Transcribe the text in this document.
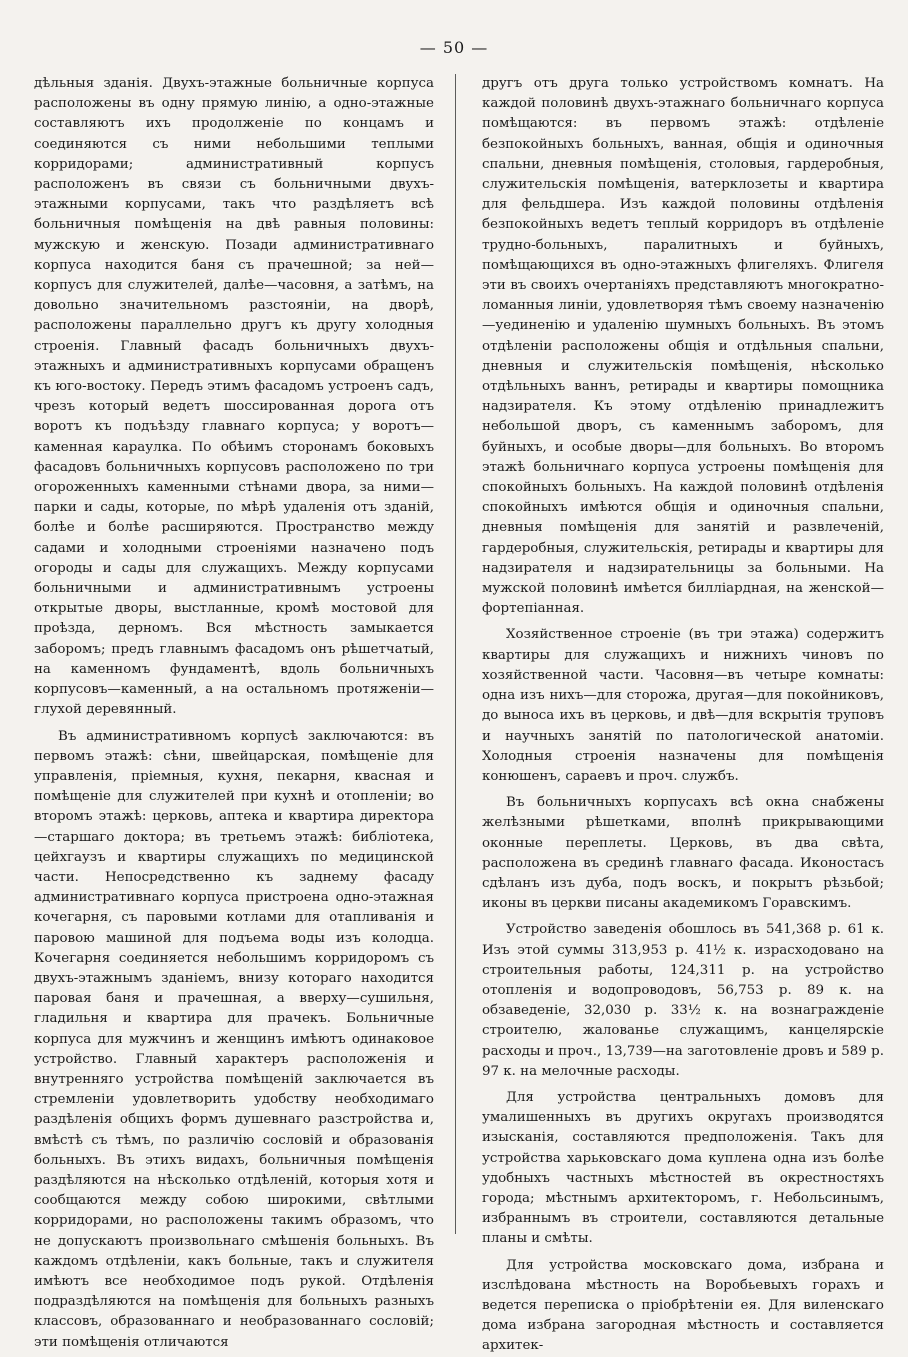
— 50 —

дѣльныя зданія. Двухъ-этажные больничные корпуса расположены въ одну прямую линію, а одно-этажные составляютъ ихъ продолженіе по концамъ и соединяются съ ними небольшими теплыми корридорами; административный корпусъ расположенъ въ связи съ больничными двухъ-этажными корпусами, такъ что раздѣляетъ всѣ больничныя помѣщенія на двѣ равныя половины: мужскую и женскую. Позади административнаго корпуса находится баня съ прачешной; за ней—корпусъ для служителей, далѣе—часовня, а затѣмъ, на довольно значительномъ разстояніи, на дворѣ, расположены параллельно другъ къ другу холодныя строенія. Главный фасадъ больничныхъ двухъ-этажныхъ и административныхъ корпусами обращенъ къ юго-востоку. Передъ этимъ фасадомъ устроенъ садъ, чрезъ который ведетъ шоссированная дорога отъ воротъ къ подъѣзду главнаго корпуса; у воротъ—каменная караулка. По обѣимъ сторонамъ боковыхъ фасадовъ больничныхъ корпусовъ расположено по три огороженныхъ каменными стѣнами двора, за ними—парки и сады, которые, по мѣрѣ удаленія отъ зданій, болѣе и болѣе расширяются. Пространство между садами и холодными строеніями назначено подъ огороды и сады для служащихъ. Между корпусами больничными и административнымъ устроены открытые дворы, выстланные, кромѣ мостовой для проѣзда, дерномъ. Вся мѣстность замыкается заборомъ; предъ главнымъ фасадомъ онъ рѣшетчатый, на каменномъ фундаментѣ, вдоль больничныхъ корпусовъ—каменный, а на остальномъ протяженіи—глухой деревянный.

Въ административномъ корпусѣ заключаются: въ первомъ этажѣ: сѣни, швейцарская, помѣщеніе для управленія, пріемныя, кухня, пекарня, квасная и помѣщеніе для служителей при кухнѣ и отопленіи; во второмъ этажѣ: церковь, аптека и квартира директора—старшаго доктора; въ третьемъ этажѣ: библіотека, цейхгаузъ и квартиры служащихъ по медицинской части. Непосредственно къ заднему фасаду административнаго корпуса пристроена одно-этажная кочегарня, съ паровыми котлами для отапливанія и паровою машиной для подъема воды изъ колодца. Кочегарня соединяется небольшимъ корридоромъ съ двухъ-этажнымъ зданіемъ, внизу котораго находится паровая баня и прачешная, а вверху—сушильня, гладильня и квартира для прачекъ. Больничные корпуса для мужчинъ и женщинъ имѣютъ одинаковое устройство. Главный характеръ расположенія и внутренняго устройства помѣщеній заключается въ стремленіи удовлетворить удобству необходимаго раздѣленія общихъ формъ душевнаго разстройства и, вмѣстѣ съ тѣмъ, по различію сословій и образованія больныхъ. Въ этихъ видахъ, больничныя помѣщенія раздѣляются на нѣсколько отдѣленій, которыя хотя и сообщаются между собою широкими, свѣтлыми корридорами, но расположены такимъ образомъ, что не допускаютъ произвольнаго смѣшенія больныхъ. Въ каждомъ отдѣленіи, какъ больные, такъ и служителя имѣютъ все необходимое подъ рукой. Отдѣленія подраздѣляются на помѣщенія для больныхъ разныхъ классовъ, образованнаго и необразованнаго сословій; эти помѣщенія отличаются

другъ отъ друга только устройствомъ комнатъ. На каждой половинѣ двухъ-этажнаго больничнаго корпуса помѣщаются: въ первомъ этажѣ: отдѣленіе безпокойныхъ больныхъ, ванная, общія и одиночныя спальни, дневныя помѣщенія, столовыя, гардеробныя, служительскія помѣщенія, ватерклозеты и квартира для фельдшера. Изъ каждой половины отдѣленія безпокойныхъ ведетъ теплый корридоръ въ отдѣленіе трудно-больныхъ, паралитныхъ и буйныхъ, помѣщающихся въ одно-этажныхъ флигеляхъ. Флигеля эти въ своихъ очертаніяхъ представляютъ многократно-ломанныя линіи, удовлетворяя тѣмъ своему назначенію—уединенію и удаленію шумныхъ больныхъ. Въ этомъ отдѣленіи расположены общія и отдѣльныя спальни, дневныя и служительскія помѣщенія, нѣсколько отдѣльныхъ ваннъ, ретирады и квартиры помощника надзирателя. Къ этому отдѣленію принадлежитъ небольшой дворъ, съ каменнымъ заборомъ, для буйныхъ, и особые дворы—для больныхъ. Во второмъ этажѣ больничнаго корпуса устроены помѣщенія для спокойныхъ больныхъ. На каждой половинѣ отдѣленія спокойныхъ имѣются общія и одиночныя спальни, дневныя помѣщенія для занятій и развлеченій, гардеробныя, служительскія, ретирады и квартиры для надзирателя и надзирательницы за больными. На мужской половинѣ имѣется билліардная, на женской—фортепіанная.

Хозяйственное строеніе (въ три этажа) содержитъ квартиры для служащихъ и нижнихъ чиновъ по хозяйственной части. Часовня—въ четыре комнаты: одна изъ нихъ—для сторожа, другая—для покойниковъ, до выноса ихъ въ церковь, и двѣ—для вскрытія труповъ и научныхъ занятій по патологической анатоміи. Холодныя строенія назначены для помѣщенія конюшенъ, сараевъ и проч. службъ.

Въ больничныхъ корпусахъ всѣ окна снабжены желѣзными рѣшетками, вполнѣ прикрывающими оконные переплеты. Церковь, въ два свѣта, расположена въ срединѣ главнаго фасада. Иконостасъ сдѣланъ изъ дуба, подъ воскъ, и покрытъ рѣзьбой; иконы въ церкви писаны академикомъ Горавскимъ.

Устройство заведенія обошлось въ 541,368 р. 61 к. Изъ этой суммы 313,953 р. 41½ к. израсходовано на строительныя работы, 124,311 р. на устройство отопленія и водопроводовъ, 56,753 р. 89 к. на обзаведеніе, 32,030 р. 33½ к. на вознагражденіе строителю, жалованье служащимъ, канцелярскіе расходы и проч., 13,739—на заготовленіе дровъ и 589 р. 97 к. на мелочные расходы.

Для устройства центральныхъ домовъ для умалишенныхъ въ другихъ округахъ производятся изысканія, составляются предположенія. Такъ для устройства харьковскаго дома куплена одна изъ болѣе удобныхъ частныхъ мѣстностей въ окрестностяхъ города; мѣстнымъ архитекторомъ, г. Небольсинымъ, избраннымъ въ строители, составляются детальные планы и смѣты.

Для устройства московскаго дома, избрана и изслѣдована мѣстность на Воробьевыхъ горахъ и ведется переписка о пріобрѣтеніи ея. Для виленскаго дома избрана загородная мѣстность и составляется архитек-
